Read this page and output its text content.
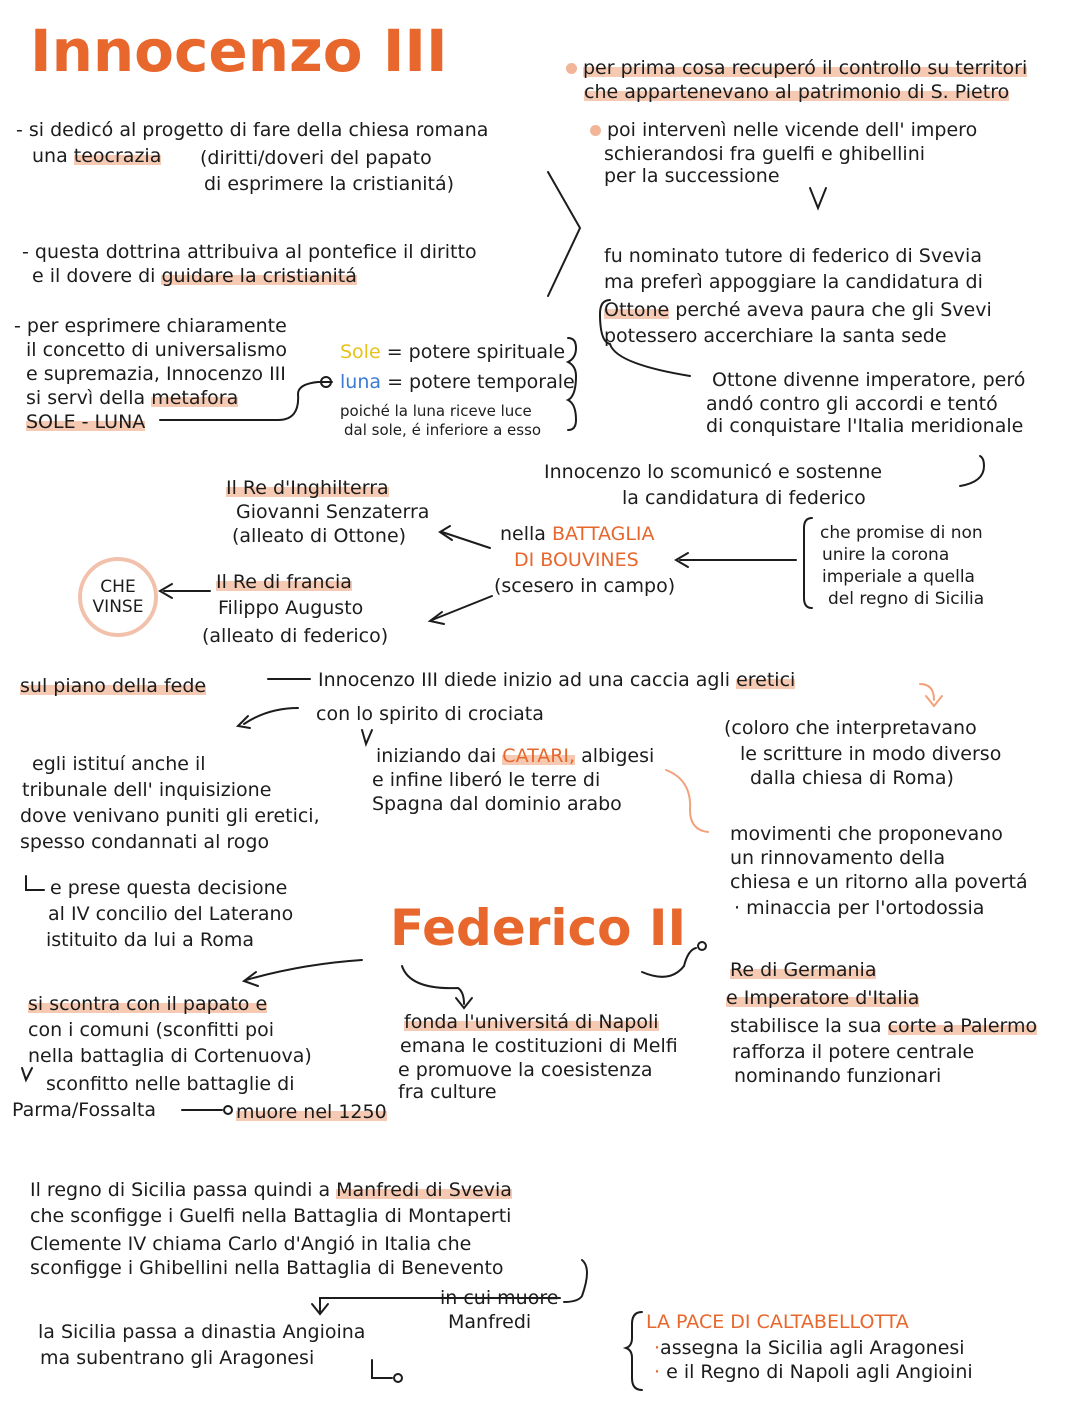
Innocenzo III
- si dedicó al progetto di fare della chiesa romana
una teocrazia (diritti/doveri del papato
di esprimere la cristianitá)
- questa dottrina attribuiva al pontefice il diritto
e il dovere di guidare la cristianitá
- per esprimere chiaramente
il concetto di universalismo
e supremazia, Innocenzo III
si servì della metafora
SOLE - LUNA
Sole = potere spirituale
luna = potere temporale
poiché la luna riceve luce
dal sole, é inferiore a esso
per prima cosa recuperó il controllo su territori
che appartenevano al patrimonio di S. Pietro
poi intervenì nelle vicende dell' impero
schierandosi fra guelfi e ghibellini
per la successione
fu nominato tutore di federico di Svevia
ma preferì appoggiare la candidatura di
Ottone perché aveva paura che gli Svevi
potessero accerchiare la santa sede
Ottone divenne imperatore, peró
andó contro gli accordi e tentó
di conquistare l'Italia meridionale
Innocenzo lo scomunicó e sostenne
la candidatura di federico
che promise di non
unire la corona
imperiale a quella
del regno di Sicilia
nella BATTAGLIA
DI BOUVINES
(scesero in campo)
Il Re d'Inghilterra
Giovanni Senzaterra
(alleato di Ottone)
CHE
VINSE
Il Re di francia
Filippo Augusto
(alleato di federico)
sul piano della fede	Innocenzo III diede inizio ad una caccia agli eretici
con lo spirito di crociata
(coloro che interpretavano
le scritture in modo diverso
dalla chiesa di Roma)
iniziando dai CATARI, albigesi
e infine liberó le terre di
Spagna dal dominio arabo
movimenti che proponevano
un rinnovamento della
chiesa e un ritorno alla povertá
· minaccia per l'ortodossia
egli istituí anche il
tribunale dell' inquisizione
dove venivano puniti gli eretici,
spesso condannati al rogo
e prese questa decisione
al IV concilio del Laterano
istituito da lui a Roma	Federico II
si scontra con il papato e
con i comuni (sconfitti poi
nella battaglia di Cortenuova)
sconfitto nelle battaglie di
Parma/Fossalta	muore nel 1250
fonda l'universitá di Napoli
emana le costituzioni di Melfi
e promuove la coesistenza
fra culture
Re di Germania
e Imperatore d'Italia
stabilisce la sua corte a Palermo
rafforza il potere centrale
nominando funzionari
Il regno di Sicilia passa quindi a Manfredi di Svevia
che sconfigge i Guelfi nella Battaglia di Montaperti
Clemente IV chiama Carlo d'Angió in Italia che
sconfigge i Ghibellini nella Battaglia di Benevento
in cui muore
Manfredi
la Sicilia passa a dinastia Angioina
ma subentrano gli Aragonesi
LA PACE DI CALTABELLOTTA
·assegna la Sicilia agli Aragonesi
· e il Regno di Napoli agli Angioini
